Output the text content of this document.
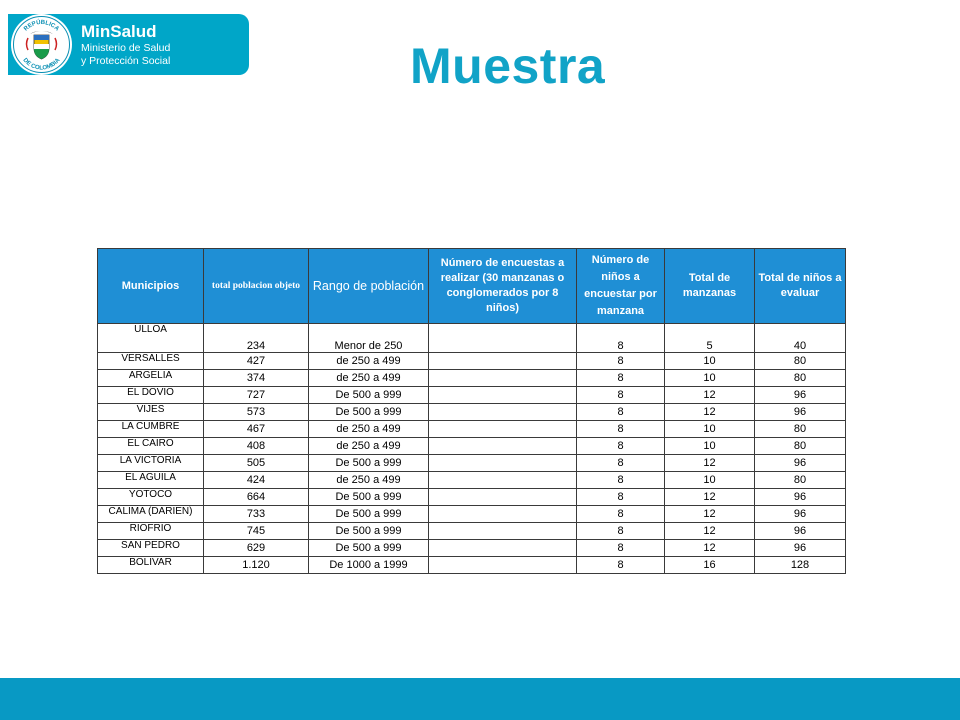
REPÚBLICA
DE COLOMBIA
MinSalud
Ministerio de Salud
y Protección Social	Muestra
Municipios	total poblacion objeto	Rango de población	Número de encuestas a realizar (30 manzanas o conglomerados por 8 niños)	Número de niños a encuestar por manzana	Total de manzanas	Total de niños a evaluar
ULLOA	234	Menor de 250		8	5	40
VERSALLES	427	de 250 a 499		8	10	80
ARGELIA	374	de 250 a 499		8	10	80
EL DOVIO	727	De 500 a 999		8	12	96
VIJES	573	De 500 a 999		8	12	96
LA CUMBRE	467	de 250 a 499		8	10	80
EL CAIRO	408	de 250 a 499		8	10	80
LA VICTORIA	505	De 500 a 999		8	12	96
EL AGUILA	424	de 250 a 499		8	10	80
YOTOCO	664	De 500 a 999		8	12	96
CALIMA (DARIEN)	733	De 500 a 999		8	12	96
RIOFRIO	745	De 500 a 999		8	12	96
SAN PEDRO	629	De 500 a 999		8	12	96
BOLIVAR	1.120	De 1000 a 1999		8	16	128
